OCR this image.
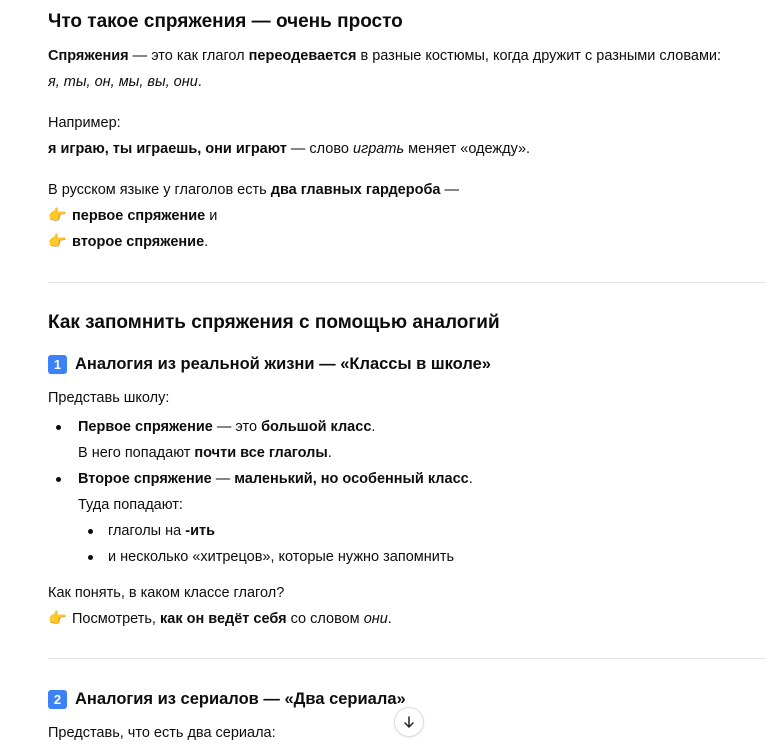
Что такое спряжения — очень просто

Спряжения — это как глагол переодевается в разные костюмы, когда дружит с разными словами:

я, ты, он, мы, вы, они.

Например:

я играю, ты играешь, они играют — слово играть меняет «одежду».

В русском языке у глаголов есть два главных гардероба —

👉 первое спряжение и

👉 второе спряжение.

Как запомнить спряжения с помощью аналогий
1 Аналогия из реальной жизни — «Классы в школе»

Представь школу:

Первое спряжение — это большой класс.
В него попадают почти все глаголы.
Второе спряжение — маленький, но особенный класс.
Туда попадают:
глаголы на -ить
и несколько «хитрецов», которые нужно запомнить

Как понять, в каком классе глагол?

👉 Посмотреть, как он ведёт себя со словом они.

2 Аналогия из сериалов — «Два сериала»

Представь, что есть два сериала:
